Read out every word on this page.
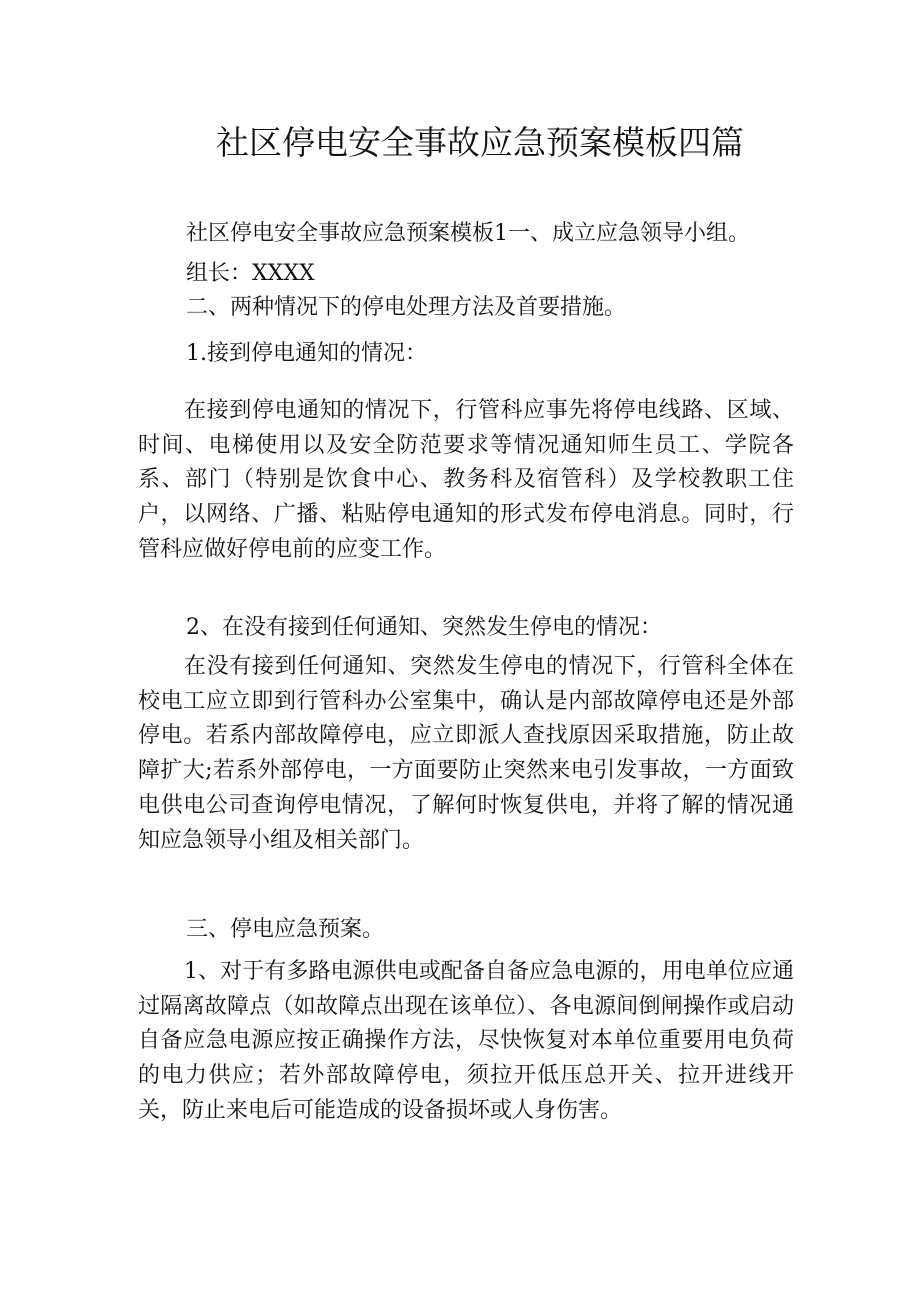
社区停电安全事故应急预案模板四篇
社区停电安全事故应急预案模板1一、成立应急领导小组。
组长：XXXX
二、两种情况下的停电处理方法及首要措施。
1.接到停电通知的情况：
在接到停电通知的情况下，行管科应事先将停电线路、区域、时间、电梯使用以及安全防范要求等情况通知师生员工、学院各系、部门（特别是饮食中心、教务科及宿管科）及学校教职工住户，以网络、广播、粘贴停电通知的形式发布停电消息。同时，行管科应做好停电前的应变工作。
2、在没有接到任何通知、突然发生停电的情况：
在没有接到任何通知、突然发生停电的情况下，行管科全体在校电工应立即到行管科办公室集中，确认是内部故障停电还是外部停电。若系内部故障停电，应立即派人查找原因采取措施，防止故障扩大;若系外部停电，一方面要防止突然来电引发事故，一方面致电供电公司查询停电情况，了解何时恢复供电，并将了解的情况通知应急领导小组及相关部门。
三、停电应急预案。
1、对于有多路电源供电或配备自备应急电源的，用电单位应通过隔离故障点（如故障点出现在该单位）、各电源间倒闸操作或启动自备应急电源应按正确操作方法，尽快恢复对本单位重要用电负荷的电力供应；若外部故障停电，须拉开低压总开关、拉开进线开关，防止来电后可能造成的设备损坏或人身伤害。
